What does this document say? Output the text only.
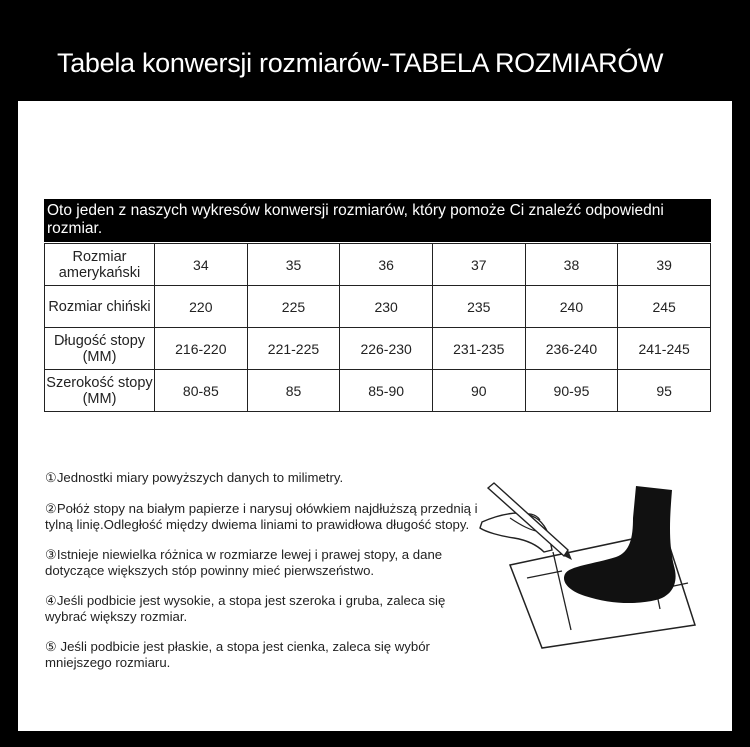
Tabela konwersji rozmiarów-TABELA ROZMIARÓW
Oto jeden z naszych wykresów konwersji rozmiarów, który pomoże Ci znaleźć odpowiedni rozmiar.
Rozmiar amerykański	34	35	36	37	38	39
Rozmiar chiński	220	225	230	235	240	245
Długość stopy (MM)	216-220	221-225	226-230	231-235	236-240	241-245
Szerokość stopy (MM)	80-85	85	85-90	90	90-95	95

①Jednostki miary powyższych danych to milimetry.

②Połóż stopy na białym papierze i narysuj ołówkiem najdłuższą przednią i tylną linię.Odległość między dwiema liniami to prawidłowa długość stopy.

③Istnieje niewielka różnica w rozmiarze lewej i prawej stopy, a dane dotyczące większych stóp powinny mieć pierwszeństwo.

④Jeśli podbicie jest wysokie, a stopa jest szeroka i gruba, zaleca się wybrać większy rozmiar.

⑤ Jeśli podbicie jest płaskie, a stopa jest cienka, zaleca się wybór mniejszego rozmiaru.
